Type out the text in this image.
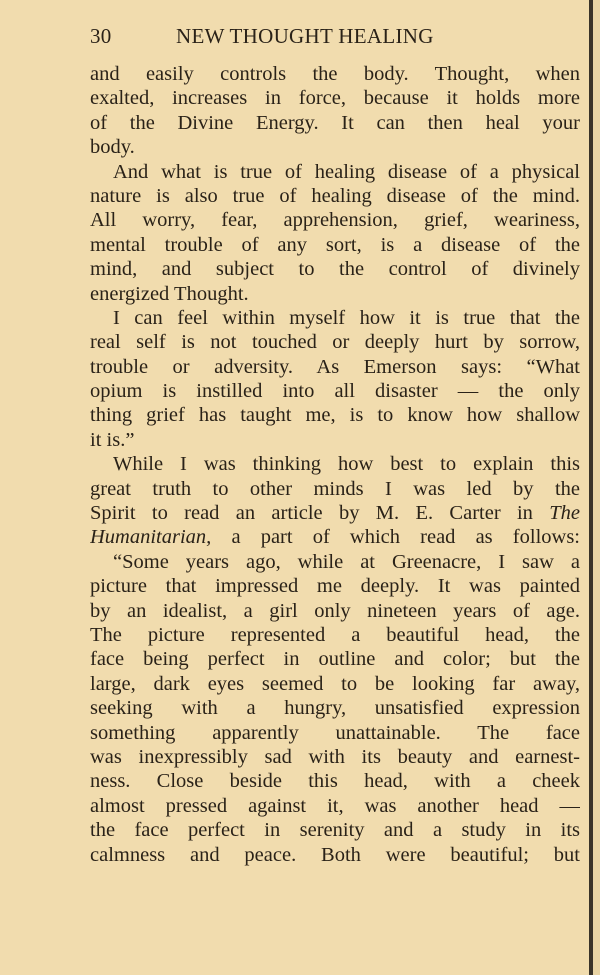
30	NEW THOUGHT HEALING
and easily controls the body. Thought, when
exalted, increases in force, because it holds more
of the Divine Energy. It can then heal your
body.
And what is true of healing disease of a physical
nature is also true of healing disease of the mind.
All worry, fear, apprehension, grief, weariness,
mental trouble of any sort, is a disease of the
mind, and subject to the control of divinely
energized Thought.
I can feel within myself how it is true that the
real self is not touched or deeply hurt by sorrow,
trouble or adversity. As Emerson says: “What
opium is instilled into all disaster — the only
thing grief has taught me, is to know how shallow
it is.”
While I was thinking how best to explain this
great truth to other minds I was led by the
Spirit to read an article by M. E. Carter in The
Humanitarian, a part of which read as follows:
“Some years ago, while at Greenacre, I saw a
picture that impressed me deeply. It was painted
by an idealist, a girl only nineteen years of age.
The picture represented a beautiful head, the
face being perfect in outline and color; but the
large, dark eyes seemed to be looking far away,
seeking with a hungry, unsatisfied expression
something apparently unattainable. The face
was inexpressibly sad with its beauty and earnest-
ness. Close beside this head, with a cheek
almost pressed against it, was another head —
the face perfect in serenity and a study in its
calmness and peace. Both were beautiful; but
